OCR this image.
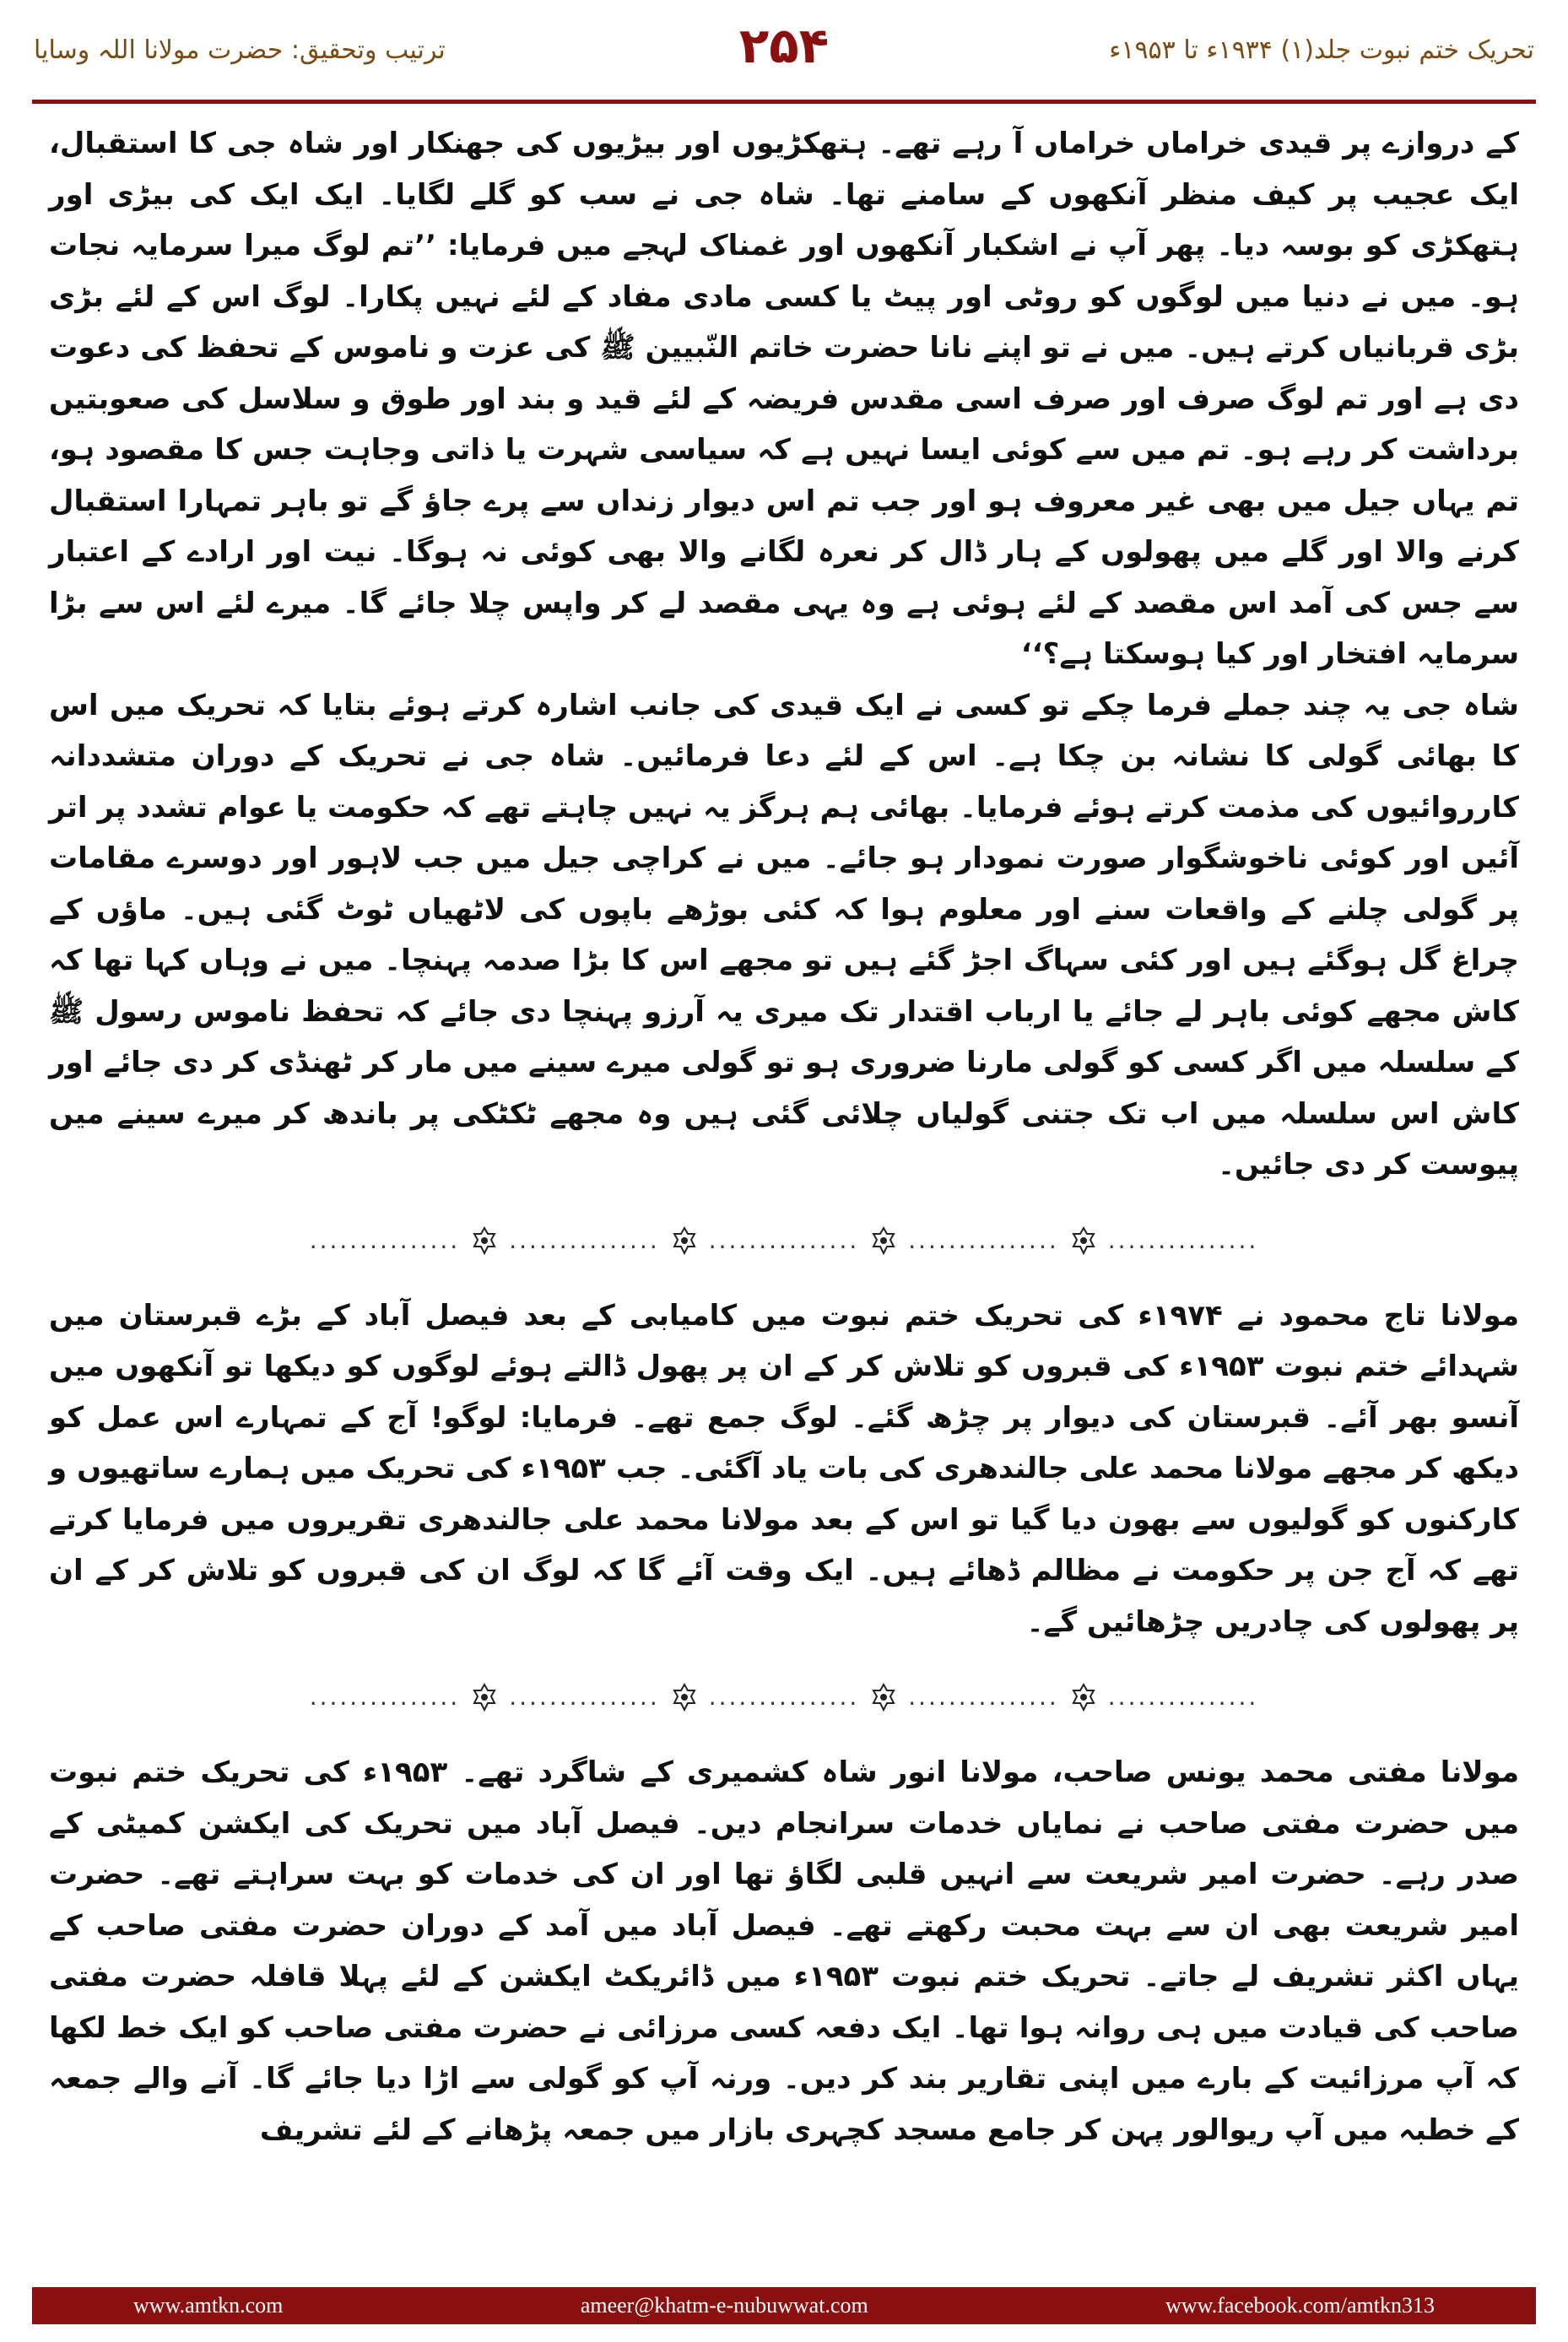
ترتیب وتحقیق: حضرت مولانا اللہ وسایا	۲۵۴	تحریک ختم نبوت جلد(۱) ۱۹۳۴ء تا ۱۹۵۳ء

کے دروازے پر قیدی خراماں خراماں آ رہے تھے۔ ہتھکڑیوں اور بیڑیوں کی جھنکار اور شاہ جی کا استقبال، ایک عجیب پر کیف منظر آنکھوں کے سامنے تھا۔ شاہ جی نے سب کو گلے لگایا۔ ایک ایک کی بیڑی اور ہتھکڑی کو بوسہ دیا۔ پھر آپ نے اشکبار آنکھوں اور غمناک لہجے میں فرمایا: ’’تم لوگ میرا سرمایہ نجات ہو۔ میں نے دنیا میں لوگوں کو روٹی اور پیٹ یا کسی مادی مفاد کے لئے نہیں پکارا۔ لوگ اس کے لئے بڑی بڑی قربانیاں کرتے ہیں۔ میں نے تو اپنے نانا حضرت خاتم النّبیین ﷺ کی عزت و ناموس کے تحفظ کی دعوت دی ہے اور تم لوگ صرف اور صرف اسی مقدس فریضہ کے لئے قید و بند اور طوق و سلاسل کی صعوبتیں برداشت کر رہے ہو۔ تم میں سے کوئی ایسا نہیں ہے کہ سیاسی شہرت یا ذاتی وجاہت جس کا مقصود ہو، تم یہاں جیل میں بھی غیر معروف ہو اور جب تم اس دیوار زنداں سے پرے جاؤ گے تو باہر تمہارا استقبال کرنے والا اور گلے میں پھولوں کے ہار ڈال کر نعرہ لگانے والا بھی کوئی نہ ہوگا۔ نیت اور ارادے کے اعتبار سے جس کی آمد اس مقصد کے لئے ہوئی ہے وہ یہی مقصد لے کر واپس چلا جائے گا۔ میرے لئے اس سے بڑا سرمایہ افتخار اور کیا ہوسکتا ہے؟‘‘

شاہ جی یہ چند جملے فرما چکے تو کسی نے ایک قیدی کی جانب اشارہ کرتے ہوئے بتایا کہ تحریک میں اس کا بھائی گولی کا نشانہ بن چکا ہے۔ اس کے لئے دعا فرمائیں۔ شاہ جی نے تحریک کے دوران متشددانہ کارروائیوں کی مذمت کرتے ہوئے فرمایا۔ بھائی ہم ہرگز یہ نہیں چاہتے تھے کہ حکومت یا عوام تشدد پر اتر آئیں اور کوئی ناخوشگوار صورت نمودار ہو جائے۔ میں نے کراچی جیل میں جب لاہور اور دوسرے مقامات پر گولی چلنے کے واقعات سنے اور معلوم ہوا کہ کئی بوڑھے باپوں کی لاٹھیاں ٹوٹ گئی ہیں۔ ماؤں کے چراغ گل ہوگئے ہیں اور کئی سہاگ اجڑ گئے ہیں تو مجھے اس کا بڑا صدمہ پہنچا۔ میں نے وہاں کہا تھا کہ کاش مجھے کوئی باہر لے جائے یا ارباب اقتدار تک میری یہ آرزو پہنچا دی جائے کہ تحفظ ناموس رسول ﷺ کے سلسلہ میں اگر کسی کو گولی مارنا ضروری ہو تو گولی میرے سینے میں مار کر ٹھنڈی کر دی جائے اور کاش اس سلسلہ میں اب تک جتنی گولیاں چلائی گئی ہیں وہ مجھے ٹکٹکی پر باندھ کر میرے سینے میں پیوست کر دی جائیں۔

............... ............... ............... ............... ...............

مولانا تاج محمود نے ۱۹۷۴ء کی تحریک ختم نبوت میں کامیابی کے بعد فیصل آباد کے بڑے قبرستان میں شہدائے ختم نبوت ۱۹۵۳ء کی قبروں کو تلاش کر کے ان پر پھول ڈالتے ہوئے لوگوں کو دیکھا تو آنکھوں میں آنسو بھر آئے۔ قبرستان کی دیوار پر چڑھ گئے۔ لوگ جمع تھے۔ فرمایا: لوگو! آج کے تمہارے اس عمل کو دیکھ کر مجھے مولانا محمد علی جالندھری کی بات یاد آگئی۔ جب ۱۹۵۳ء کی تحریک میں ہمارے ساتھیوں و کارکنوں کو گولیوں سے بھون دیا گیا تو اس کے بعد مولانا محمد علی جالندھری تقریروں میں فرمایا کرتے تھے کہ آج جن پر حکومت نے مظالم ڈھائے ہیں۔ ایک وقت آئے گا کہ لوگ ان کی قبروں کو تلاش کر کے ان پر پھولوں کی چادریں چڑھائیں گے۔

............... ............... ............... ............... ...............

مولانا مفتی محمد یونس صاحب، مولانا انور شاہ کشمیری کے شاگرد تھے۔ ۱۹۵۳ء کی تحریک ختم نبوت میں حضرت مفتی صاحب نے نمایاں خدمات سرانجام دیں۔ فیصل آباد میں تحریک کی ایکشن کمیٹی کے صدر رہے۔ حضرت امیر شریعت سے انہیں قلبی لگاؤ تھا اور ان کی خدمات کو بہت سراہتے تھے۔ حضرت امیر شریعت بھی ان سے بہت محبت رکھتے تھے۔ فیصل آباد میں آمد کے دوران حضرت مفتی صاحب کے یہاں اکثر تشریف لے جاتے۔ تحریک ختم نبوت ۱۹۵۳ء میں ڈائریکٹ ایکشن کے لئے پہلا قافلہ حضرت مفتی صاحب کی قیادت میں ہی روانہ ہوا تھا۔ ایک دفعہ کسی مرزائی نے حضرت مفتی صاحب کو ایک خط لکھا کہ آپ مرزائیت کے بارے میں اپنی تقاریر بند کر دیں۔ ورنہ آپ کو گولی سے اڑا دیا جائے گا۔ آنے والے جمعہ کے خطبہ میں آپ ریوالور پہن کر جامع مسجد کچہری بازار میں جمعہ پڑھانے کے لئے تشریف

www.amtkn.com	ameer@khatm-e-nubuwwat.com	www.facebook.com/amtkn313
